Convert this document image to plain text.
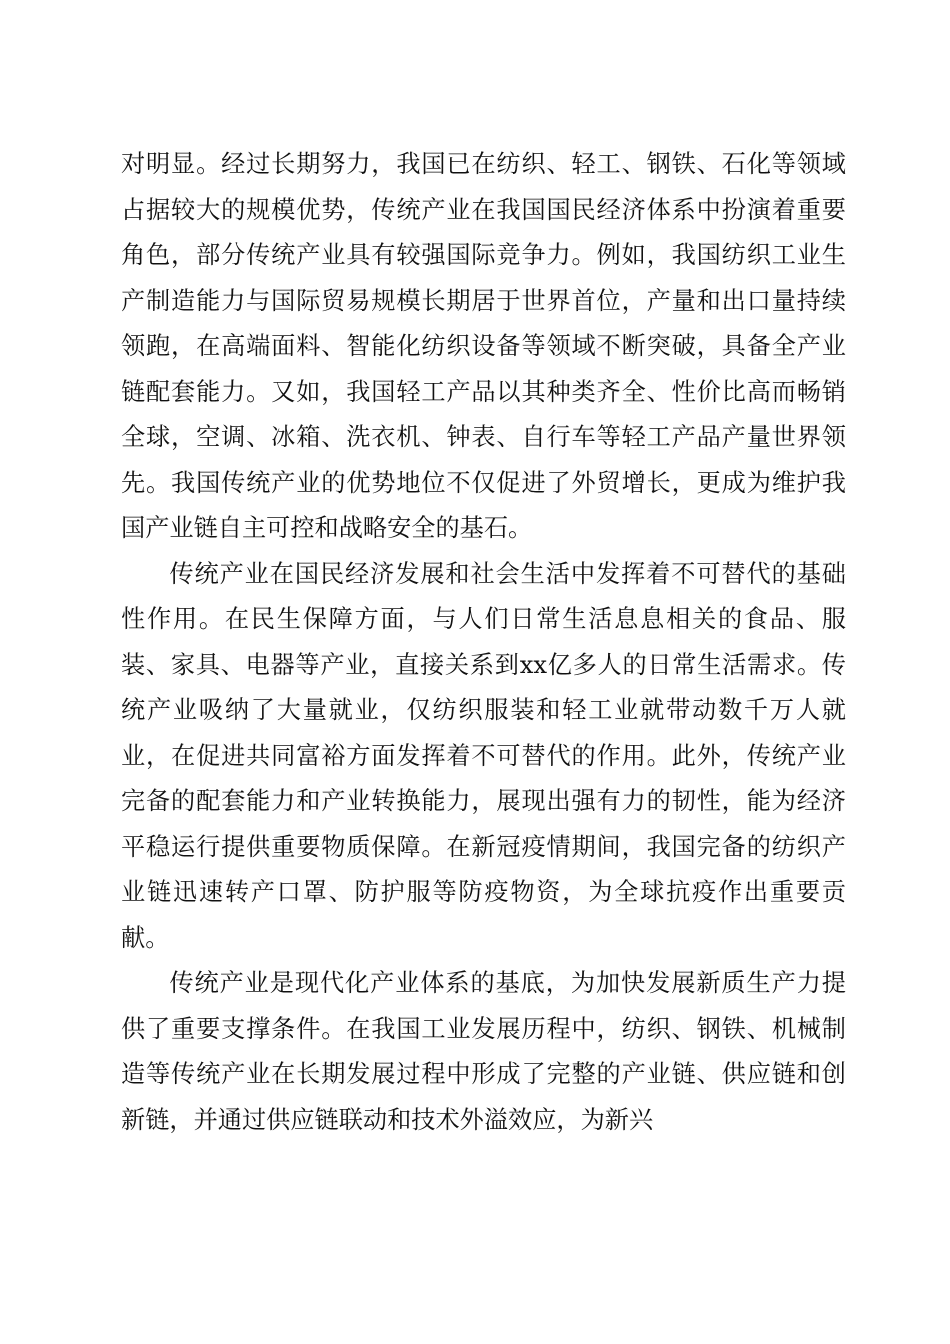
对明显。经过长期努力，我国已在纺织、轻工、钢铁、石化等领域占据较大的规模优势，传统产业在我国国民经济体系中扮演着重要角色，部分传统产业具有较强国际竞争力。例如，我国纺织工业生产制造能力与国际贸易规模长期居于世界首位，产量和出口量持续领跑，在高端面料、智能化纺织设备等领域不断突破，具备全产业链配套能力。又如，我国轻工产品以其种类齐全、性价比高而畅销全球，空调、冰箱、洗衣机、钟表、自行车等轻工产品产量世界领先。我国传统产业的优势地位不仅促进了外贸增长，更成为维护我国产业链自主可控和战略安全的基石。

传统产业在国民经济发展和社会生活中发挥着不可替代的基础性作用。在民生保障方面，与人们日常生活息息相关的食品、服装、家具、电器等产业，直接关系到xx亿多人的日常生活需求。传统产业吸纳了大量就业，仅纺织服装和轻工业就带动数千万人就业，在促进共同富裕方面发挥着不可替代的作用。此外，传统产业完备的配套能力和产业转换能力，展现出强有力的韧性，能为经济平稳运行提供重要物质保障。在新冠疫情期间，我国完备的纺织产业链迅速转产口罩、防护服等防疫物资，为全球抗疫作出重要贡献。

传统产业是现代化产业体系的基底，为加快发展新质生产力提供了重要支撑条件。在我国工业发展历程中，纺织、钢铁、机械制造等传统产业在长期发展过程中形成了完整的产业链、供应链和创新链，并通过供应链联动和技术外溢效应，为新兴
